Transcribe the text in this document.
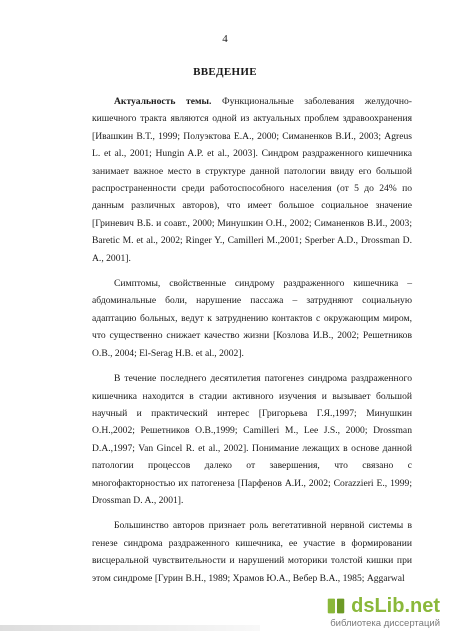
4
ВВЕДЕНИЕ

Актуальность темы. Функциональные заболевания желудочно-кишечного тракта являются одной из актуальных проблем здравоохранения [Ивашкин В.Т., 1999; Полуэктова Е.А., 2000; Симаненков В.И., 2003; Agreus L. et al., 2001; Hungin A.P. et al., 2003]. Синдром раздраженного кишечника занимает важное место в структуре данной патологии ввиду его большой распространенности среди работоспособного населения (от 5 до 24% по данным различных авторов), что имеет большое социальное значение [Гриневич В.Б. и соавт., 2000; Минушкин О.Н., 2002; Симаненков В.И., 2003; Baretic M. et al., 2002; Ringer Y., Camilleri M.,2001; Sperber A.D., Drossman D. A., 2001].

Симптомы, свойственные синдрому раздраженного кишечника – абдоминальные боли, нарушение пассажа – затрудняют социальную адаптацию больных, ведут к затруднению контактов с окружающим миром, что существенно снижает качество жизни [Козлова И.В., 2002; Решетников О.В., 2004; El-Serag H.B. et al., 2002].

В течение последнего десятилетия патогенез синдрома раздраженного кишечника находится в стадии активного изучения и вызывает большой научный и практический интерес [Григорьева Г.Я.,1997; Минушкин О.Н.,2002; Решетников О.В.,1999; Camilleri M., Lee J.S., 2000; Drossman D.A.,1997; Van Gincel R. et al., 2002]. Понимание лежащих в основе данной патологии процессов далеко от завершения, что связано с многофакторностью их патогенеза [Парфенов А.И., 2002; Corazzieri E., 1999; Drossman D. A., 2001].

Большинство авторов признает роль вегетативной нервной системы в генезе синдрома раздраженного кишечника, ее участие в формировании висцеральной чувствительности и нарушений моторики толстой кишки при этом синдроме [Гурин В.Н., 1989; Храмов Ю.А., Вебер В.А., 1985; Aggarwal

dsLib.net
библиотека диссертаций
